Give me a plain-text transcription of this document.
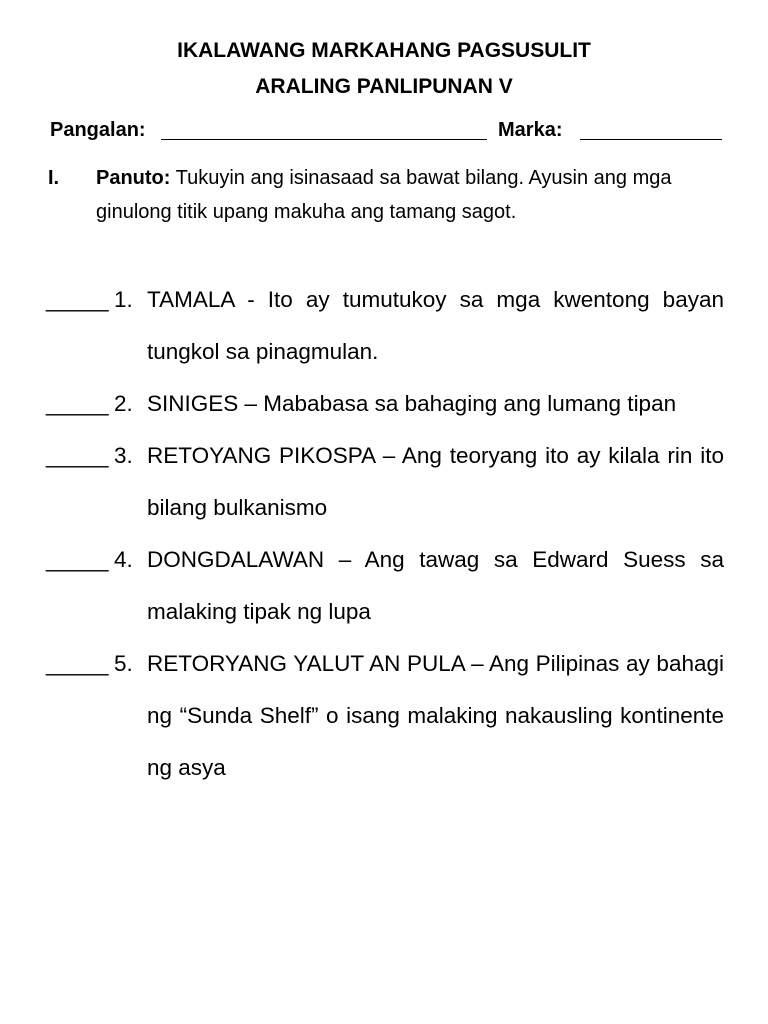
IKALAWANG MARKAHANG PAGSUSULIT
ARALING PANLIPUNAN V
Pangalan:	Marka:
I. Panuto: Tukuyin ang isinasaad sa bawat bilang. Ayusin ang mga ginulong titik upang makuha ang tamang sagot.
_____ 1. TAMALA - Ito ay tumutukoy sa mga kwentong bayan tungkol sa pinagmulan.
_____ 2. SINIGES – Mababasa sa bahaging ang lumang tipan
_____ 3. RETOYANG PIKOSPA – Ang teoryang ito ay kilala rin ito bilang bulkanismo
_____ 4. DONGDALAWAN – Ang tawag sa Edward Suess sa malaking tipak ng lupa
_____ 5. RETORYANG YALUT AN PULA – Ang Pilipinas ay bahagi ng “Sunda Shelf” o isang malaking nakausling kontinente ng asya
